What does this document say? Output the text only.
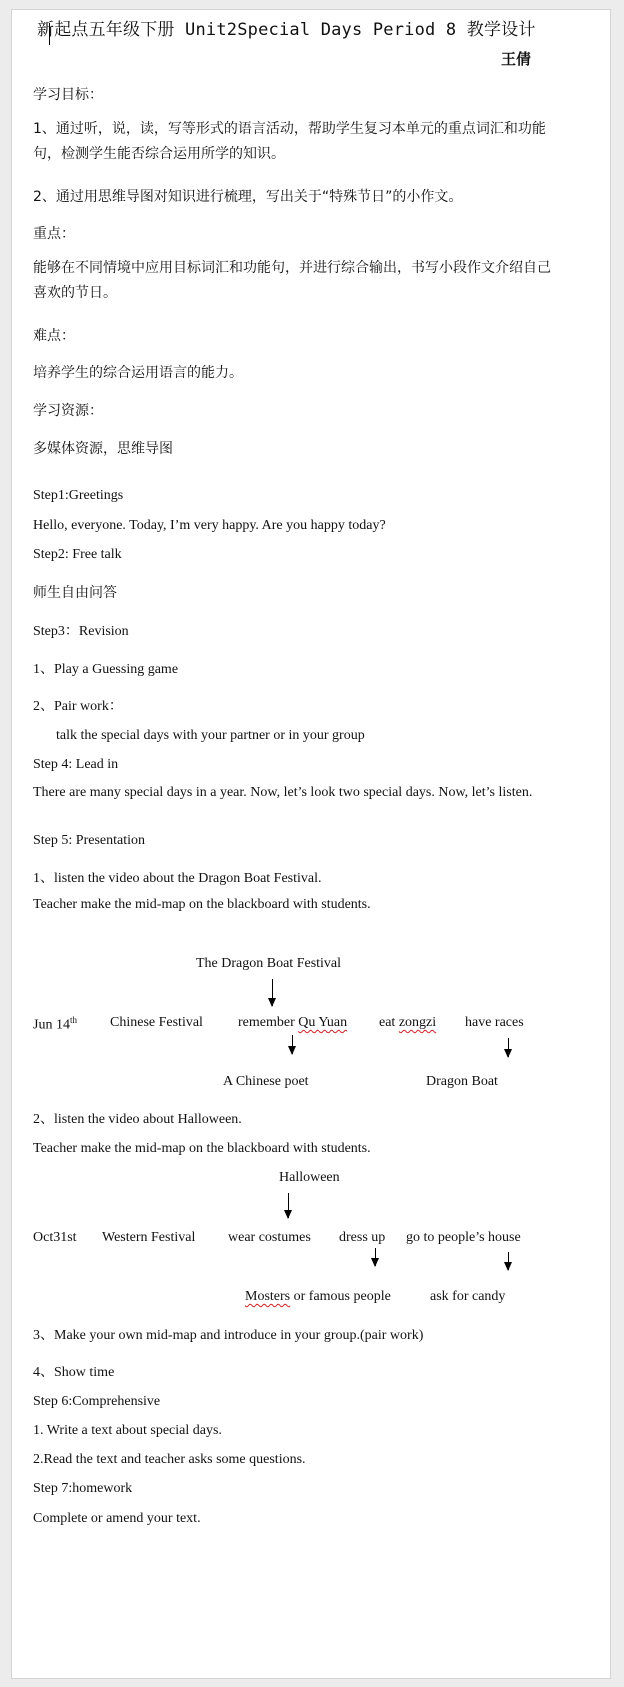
新起点五年级下册 Unit2Special Days Period 8 教学设计
王倩
学习目标：
1、通过听，说，读，写等形式的语言活动，帮助学生复习本单元的重点词汇和功能句，检测学生能否综合运用所学的知识。
2、通过用思维导图对知识进行梳理，写出关于“特殊节日”的小作文。
重点：
能够在不同情境中应用目标词汇和功能句，并进行综合输出，书写小段作文介绍自己喜欢的节日。
难点：
培养学生的综合运用语言的能力。
学习资源：
多媒体资源，思维导图
Step1:Greetings
Hello, everyone. Today, I’m very happy. Are you happy today?
Step2: Free talk
师生自由问答
Step3：Revision
1、Play a Guessing game
2、Pair work：
talk the special days with your partner or in your group
Step 4: Lead in
There are many special days in a year. Now, let’s look two special days. Now, let’s listen.
Step 5: Presentation
1、listen the video about the Dragon Boat Festival.
Teacher make the mid-map on the blackboard with students.
The Dragon Boat Festival
Jun 14th Chinese Festival	remember Qu Yuan eat zongzi have races
A Chinese poet	Dragon Boat
2、listen the video about Halloween.
Teacher make the mid-map on the blackboard with students.
Halloween
Oct31st Western Festival wear costumes dress up go to people’s house
Mosters or famous people	ask for candy
3、Make your own mid-map and introduce in your group.(pair work)
4、Show time
Step 6:Comprehensive
1. Write a text about special days.
2.Read the text and teacher asks some questions.
Step 7:homework
Complete or amend your text.
